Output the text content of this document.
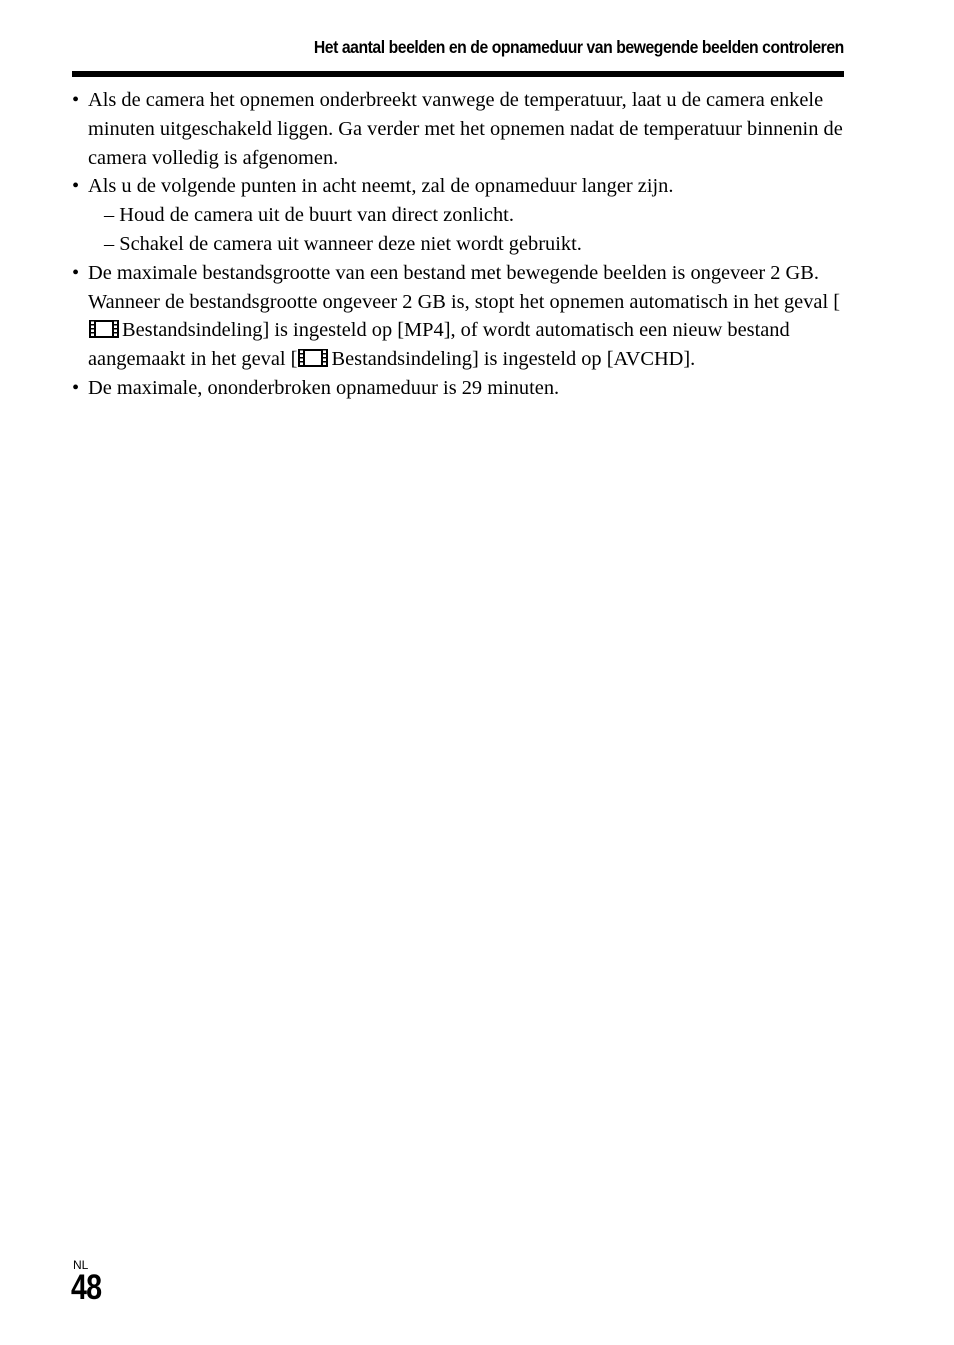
Het aantal beelden en de opnameduur van bewegende beelden controleren
• Als de camera het opnemen onderbreekt vanwege de temperatuur, laat u de camera enkele minuten uitgeschakeld liggen. Ga verder met het opnemen nadat de temperatuur binnenin de camera volledig is afgenomen.
• Als u de volgende punten in acht neemt, zal de opnameduur langer zijn.
– Houd de camera uit de buurt van direct zonlicht.
– Schakel de camera uit wanneer deze niet wordt gebruikt.
• De maximale bestandsgrootte van een bestand met bewegende beelden is ongeveer 2 GB. Wanneer de bestandsgrootte ongeveer 2 GB is, stopt het opnemen automatisch in het geval [Bestandsindeling] is ingesteld op [MP4], of wordt automatisch een nieuw bestand aangemaakt in het geval [ Bestandsindeling] is ingesteld op [AVCHD].
• De maximale, ononderbroken opnameduur is 29 minuten.
NL
48
